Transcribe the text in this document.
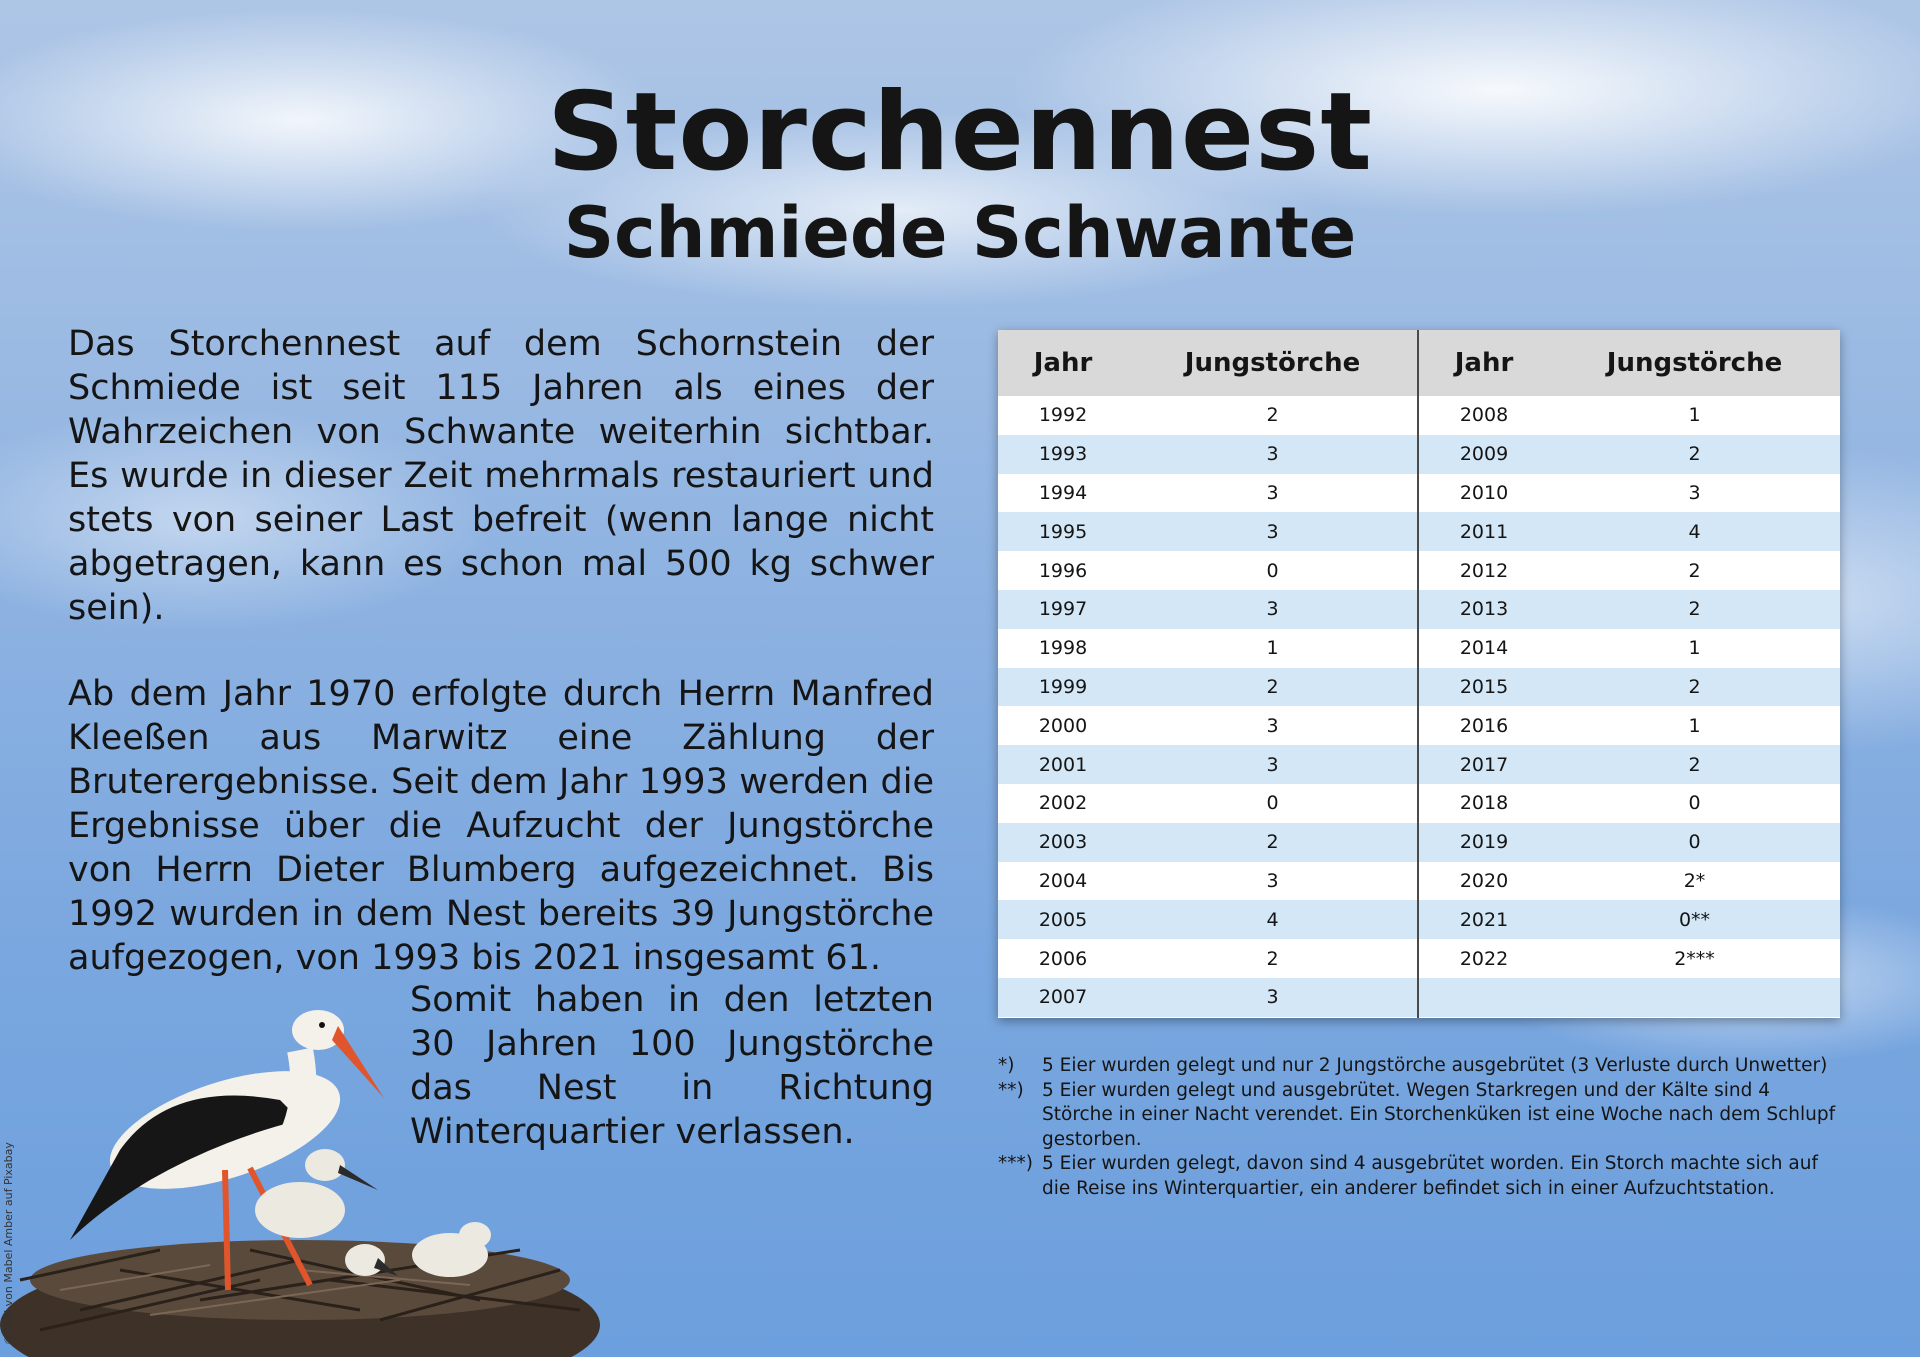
Storchennest
Schmiede Schwante

Das Storchennest auf dem Schornstein der Schmiede ist seit 115 Jahren als eines der Wahrzeichen von Schwante weiterhin sichtbar. Es wurde in dieser Zeit mehrmals restauriert und stets von seiner Last befreit (wenn lange nicht abgetragen, kann es schon mal 500 kg schwer sein).

Ab dem Jahr 1970 erfolgte durch Herrn Manfred Kleeßen aus Marwitz eine Zählung der Bruterergebnisse. Seit dem Jahr 1993 werden die Ergebnisse über die Aufzucht der Jungstörche von Herrn Dieter Blumberg aufgezeichnet. Bis 1992 wurden in dem Nest bereits 39 Jungstörche aufgezogen, von 1993 bis 2021 insgesamt 61.

Somit haben in den letzten 30 Jahren 100 Jungstörche das Nest in Richtung Winterquartier verlassen.
© Bild von Mabel Amber auf Pixabay
Jahr	Jungstörche
1992	2
1993	3
1994	3
1995	3
1996	0
1997	3
1998	1
1999	2
2000	3
2001	3
2002	0
2003	2
2004	3
2005	4
2006	2
2007	3
Jahr	Jungstörche
2008	1
2009	2
2010	3
2011	4
2012	2
2013	2
2014	1
2015	2
2016	1
2017	2
2018	0
2019	0
2020	2*
2021	0**
2022	2***
*)	5 Eier wurden gelegt und nur 2 Jungstörche ausgebrütet (3 Verluste durch Unwetter)
**) 5 Eier wurden gelegt und ausgebrütet. Wegen Starkregen und der Kälte sind 4 Störche in einer Nacht verendet. Ein Storchenküken ist eine Woche nach dem Schlupf gestorben.
***) 5 Eier wurden gelegt, davon sind 4 ausgebrütet worden. Ein Storch machte sich auf die Reise ins Winterquartier, ein anderer befindet sich in einer Aufzuchtstation.
